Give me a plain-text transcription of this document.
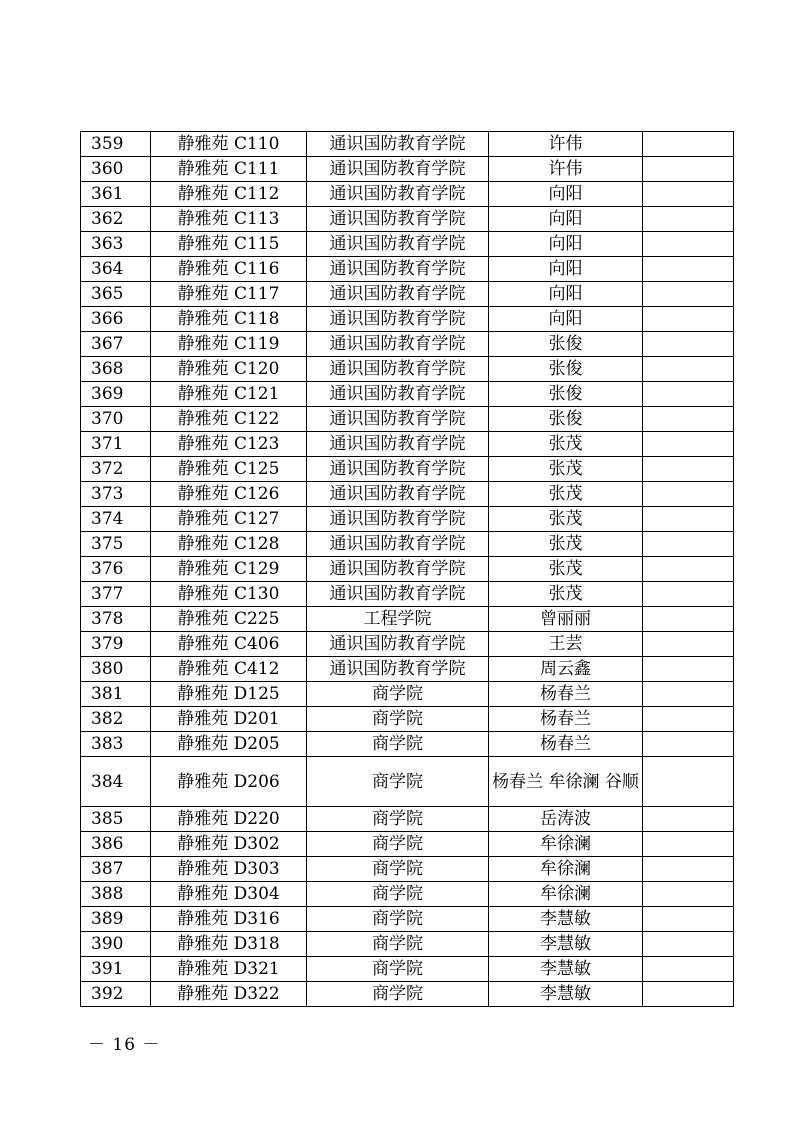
359	静雅苑 C110	通识国防教育学院	许伟	
360	静雅苑 C111	通识国防教育学院	许伟	
361	静雅苑 C112	通识国防教育学院	向阳	
362	静雅苑 C113	通识国防教育学院	向阳	
363	静雅苑 C115	通识国防教育学院	向阳	
364	静雅苑 C116	通识国防教育学院	向阳	
365	静雅苑 C117	通识国防教育学院	向阳	
366	静雅苑 C118	通识国防教育学院	向阳	
367	静雅苑 C119	通识国防教育学院	张俊	
368	静雅苑 C120	通识国防教育学院	张俊	
369	静雅苑 C121	通识国防教育学院	张俊	
370	静雅苑 C122	通识国防教育学院	张俊	
371	静雅苑 C123	通识国防教育学院	张茂	
372	静雅苑 C125	通识国防教育学院	张茂	
373	静雅苑 C126	通识国防教育学院	张茂	
374	静雅苑 C127	通识国防教育学院	张茂	
375	静雅苑 C128	通识国防教育学院	张茂	
376	静雅苑 C129	通识国防教育学院	张茂	
377	静雅苑 C130	通识国防教育学院	张茂	
378	静雅苑 C225	工程学院	曾丽丽	
379	静雅苑 C406	通识国防教育学院	王芸	
380	静雅苑 C412	通识国防教育学院	周云鑫	
381	静雅苑 D125	商学院	杨春兰	
382	静雅苑 D201	商学院	杨春兰	
383	静雅苑 D205	商学院	杨春兰	
384	静雅苑 D206	商学院	杨春兰 牟徐澜 谷顺	
385	静雅苑 D220	商学院	岳涛波	
386	静雅苑 D302	商学院	牟徐澜	
387	静雅苑 D303	商学院	牟徐澜	
388	静雅苑 D304	商学院	牟徐澜	
389	静雅苑 D316	商学院	李慧敏	
390	静雅苑 D318	商学院	李慧敏	
391	静雅苑 D321	商学院	李慧敏	
392	静雅苑 D322	商学院	李慧敏	
－ 16 －
